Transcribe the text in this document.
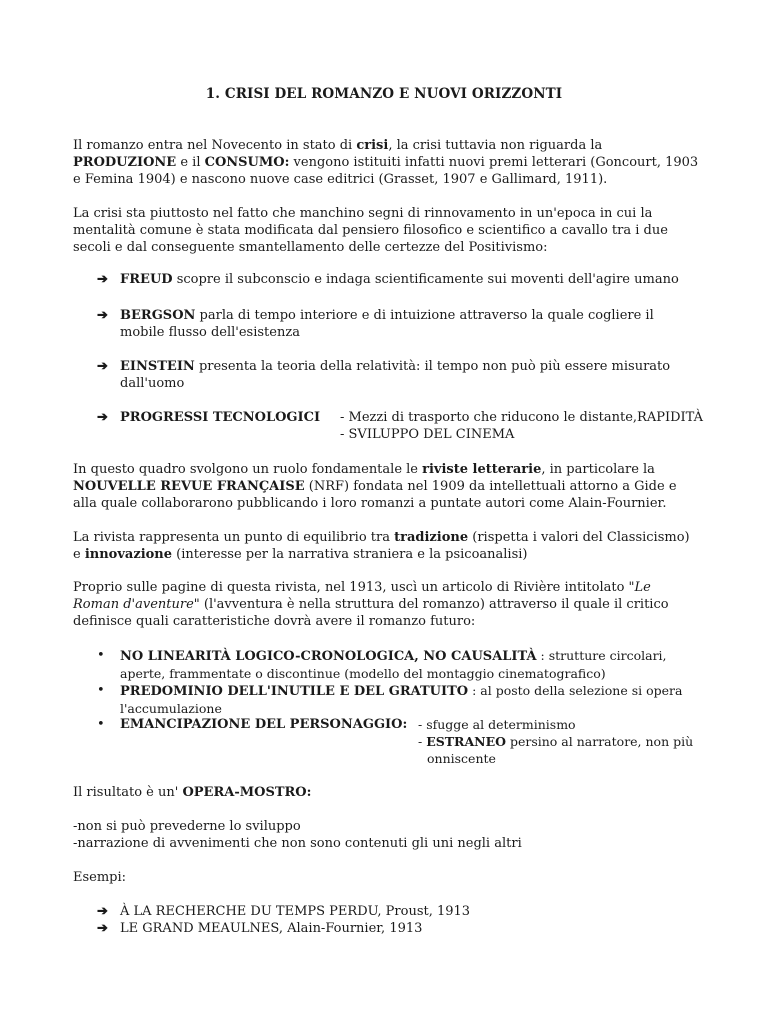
1. CRISI DEL ROMANZO E NUOVI ORIZZONTI

Il romanzo entra nel Novecento in stato di crisi, la crisi tuttavia non riguarda la PRODUZIONE e il CONSUMO: vengono istituiti infatti nuovi premi letterari (Goncourt, 1903 e Femina 1904) e nascono nuove case editrici (Grasset, 1907 e Gallimard, 1911).

La crisi sta piuttosto nel fatto che manchino segni di rinnovamento in un'epoca in cui la mentalità comune è stata modificata dal pensiero filosofico e scientifico a cavallo tra i due secoli e dal conseguente smantellamento delle certezze del Positivismo:

➔ FREUD scopre il subconscio e indaga scientificamente sui moventi dell'agire umano
➔ BERGSON parla di tempo interiore e di intuizione attraverso la quale cogliere il mobile flusso dell'esistenza
➔ EINSTEIN presenta la teoria della relatività: il tempo non può più essere misurato dall'uomo
➔ PROGRESSI TECNOLOGICI	- Mezzi di trasporto che riducono le distante,RAPIDITÀ
- SVILUPPO DEL CINEMA

In questo quadro svolgono un ruolo fondamentale le riviste letterarie, in particolare la NOUVELLE REVUE FRANÇAISE (NRF) fondata nel 1909 da intellettuali attorno a Gide e alla quale collaborarono pubblicando i loro romanzi a puntate autori come Alain-Fournier.

La rivista rappresenta un punto di equilibrio tra tradizione (rispetta i valori del Classicismo) e innovazione (interesse per la narrativa straniera e la psicoanalisi)

Proprio sulle pagine di questa rivista, nel 1913, uscì un articolo di Rivière intitolato "Le Roman d'aventure" (l'avventura è nella struttura del romanzo) attraverso il quale il critico definisce quali caratteristiche dovrà avere il romanzo futuro:

• NO LINEARITÀ LOGICO-CRONOLOGICA, NO CAUSALITÀ : strutture circolari, aperte, frammentate o discontinue (modello del montaggio cinematografico)
• PREDOMINIO DELL'INUTILE E DEL GRATUITO : al posto della selezione si opera l'accumulazione
• EMANCIPAZIONE DEL PERSONAGGIO: - sfugge al determinismo
- ESTRANEO persino al narratore, non più
onniscente

Il risultato è un' OPERA-MOSTRO:

-non si può prevederne lo sviluppo
-narrazione di avvenimenti che non sono contenuti gli uni negli altri

Esempi:

➔ À LA RECHERCHE DU TEMPS PERDU, Proust, 1913
➔ LE GRAND MEAULNES, Alain-Fournier, 1913
